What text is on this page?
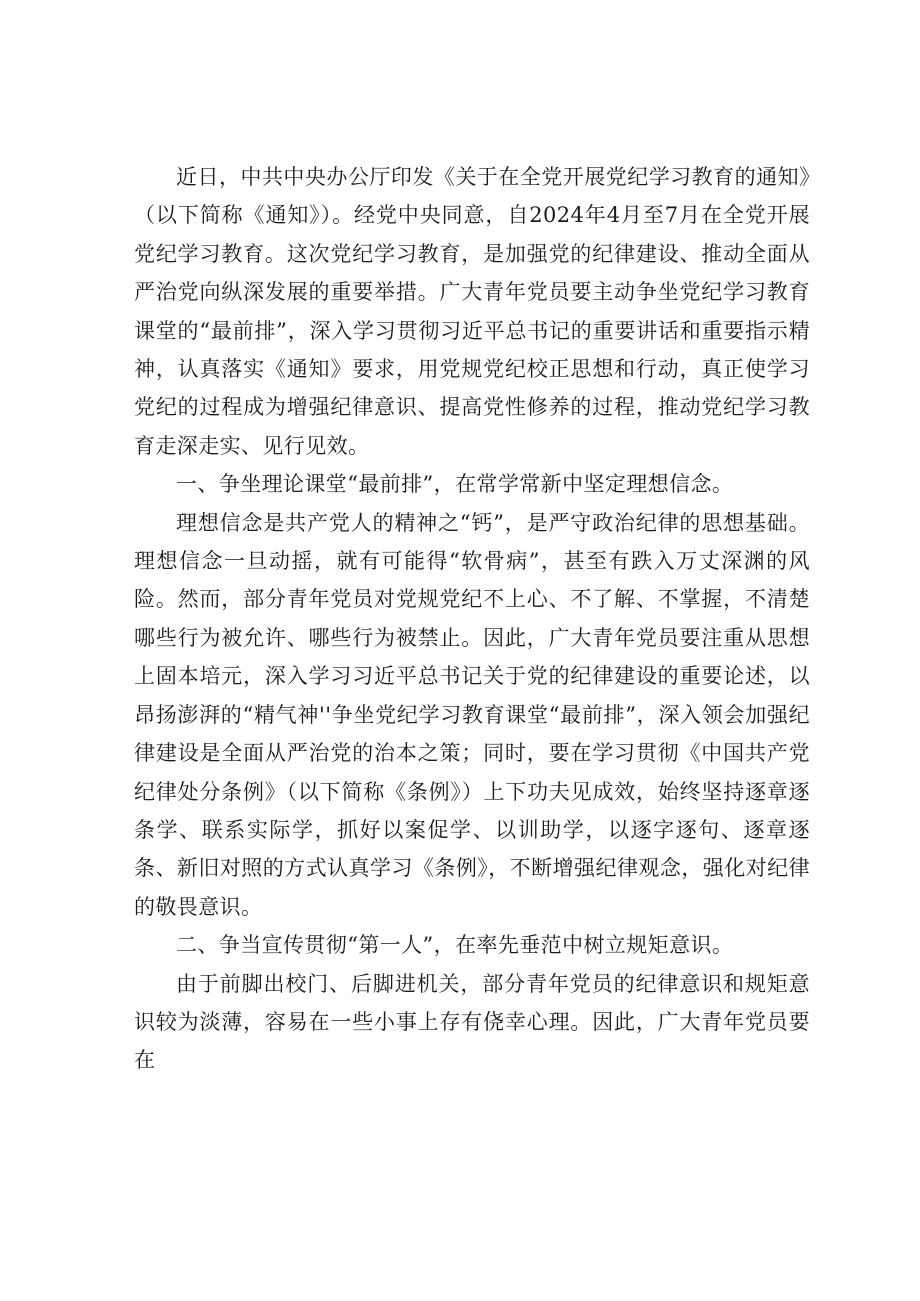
近日，中共中央办公厅印发《关于在全党开展党纪学习教育的通知》（以下简称《通知》）。经党中央同意，自2024年4月至7月在全党开展党纪学习教育。这次党纪学习教育，是加强党的纪律建设、推动全面从严治党向纵深发展的重要举措。广大青年党员要主动争坐党纪学习教育课堂的“最前排”，深入学习贯彻习近平总书记的重要讲话和重要指示精神，认真落实《通知》要求，用党规党纪校正思想和行动，真正使学习党纪的过程成为增强纪律意识、提高党性修养的过程，推动党纪学习教育走深走实、见行见效。

一、争坐理论课堂“最前排”，在常学常新中坚定理想信念。

理想信念是共产党人的精神之“钙”，是严守政治纪律的思想基础。理想信念一旦动摇，就有可能得“软骨病”，甚至有跌入万丈深渊的风险。然而，部分青年党员对党规党纪不上心、不了解、不掌握，不清楚哪些行为被允许、哪些行为被禁止。因此，广大青年党员要注重从思想上固本培元，深入学习习近平总书记关于党的纪律建设的重要论述，以昂扬澎湃的“精气神''争坐党纪学习教育课堂“最前排”，深入领会加强纪律建设是全面从严治党的治本之策；同时，要在学习贯彻《中国共产党纪律处分条例》（以下简称《条例》）上下功夫见成效，始终坚持逐章逐条学、联系实际学，抓好以案促学、以训助学，以逐字逐句、逐章逐条、新旧对照的方式认真学习《条例》，不断增强纪律观念，强化对纪律的敬畏意识。

二、争当宣传贯彻“第一人”，在率先垂范中树立规矩意识。

由于前脚出校门、后脚进机关，部分青年党员的纪律意识和规矩意识较为淡薄，容易在一些小事上存有侥幸心理。因此，广大青年党员要在
